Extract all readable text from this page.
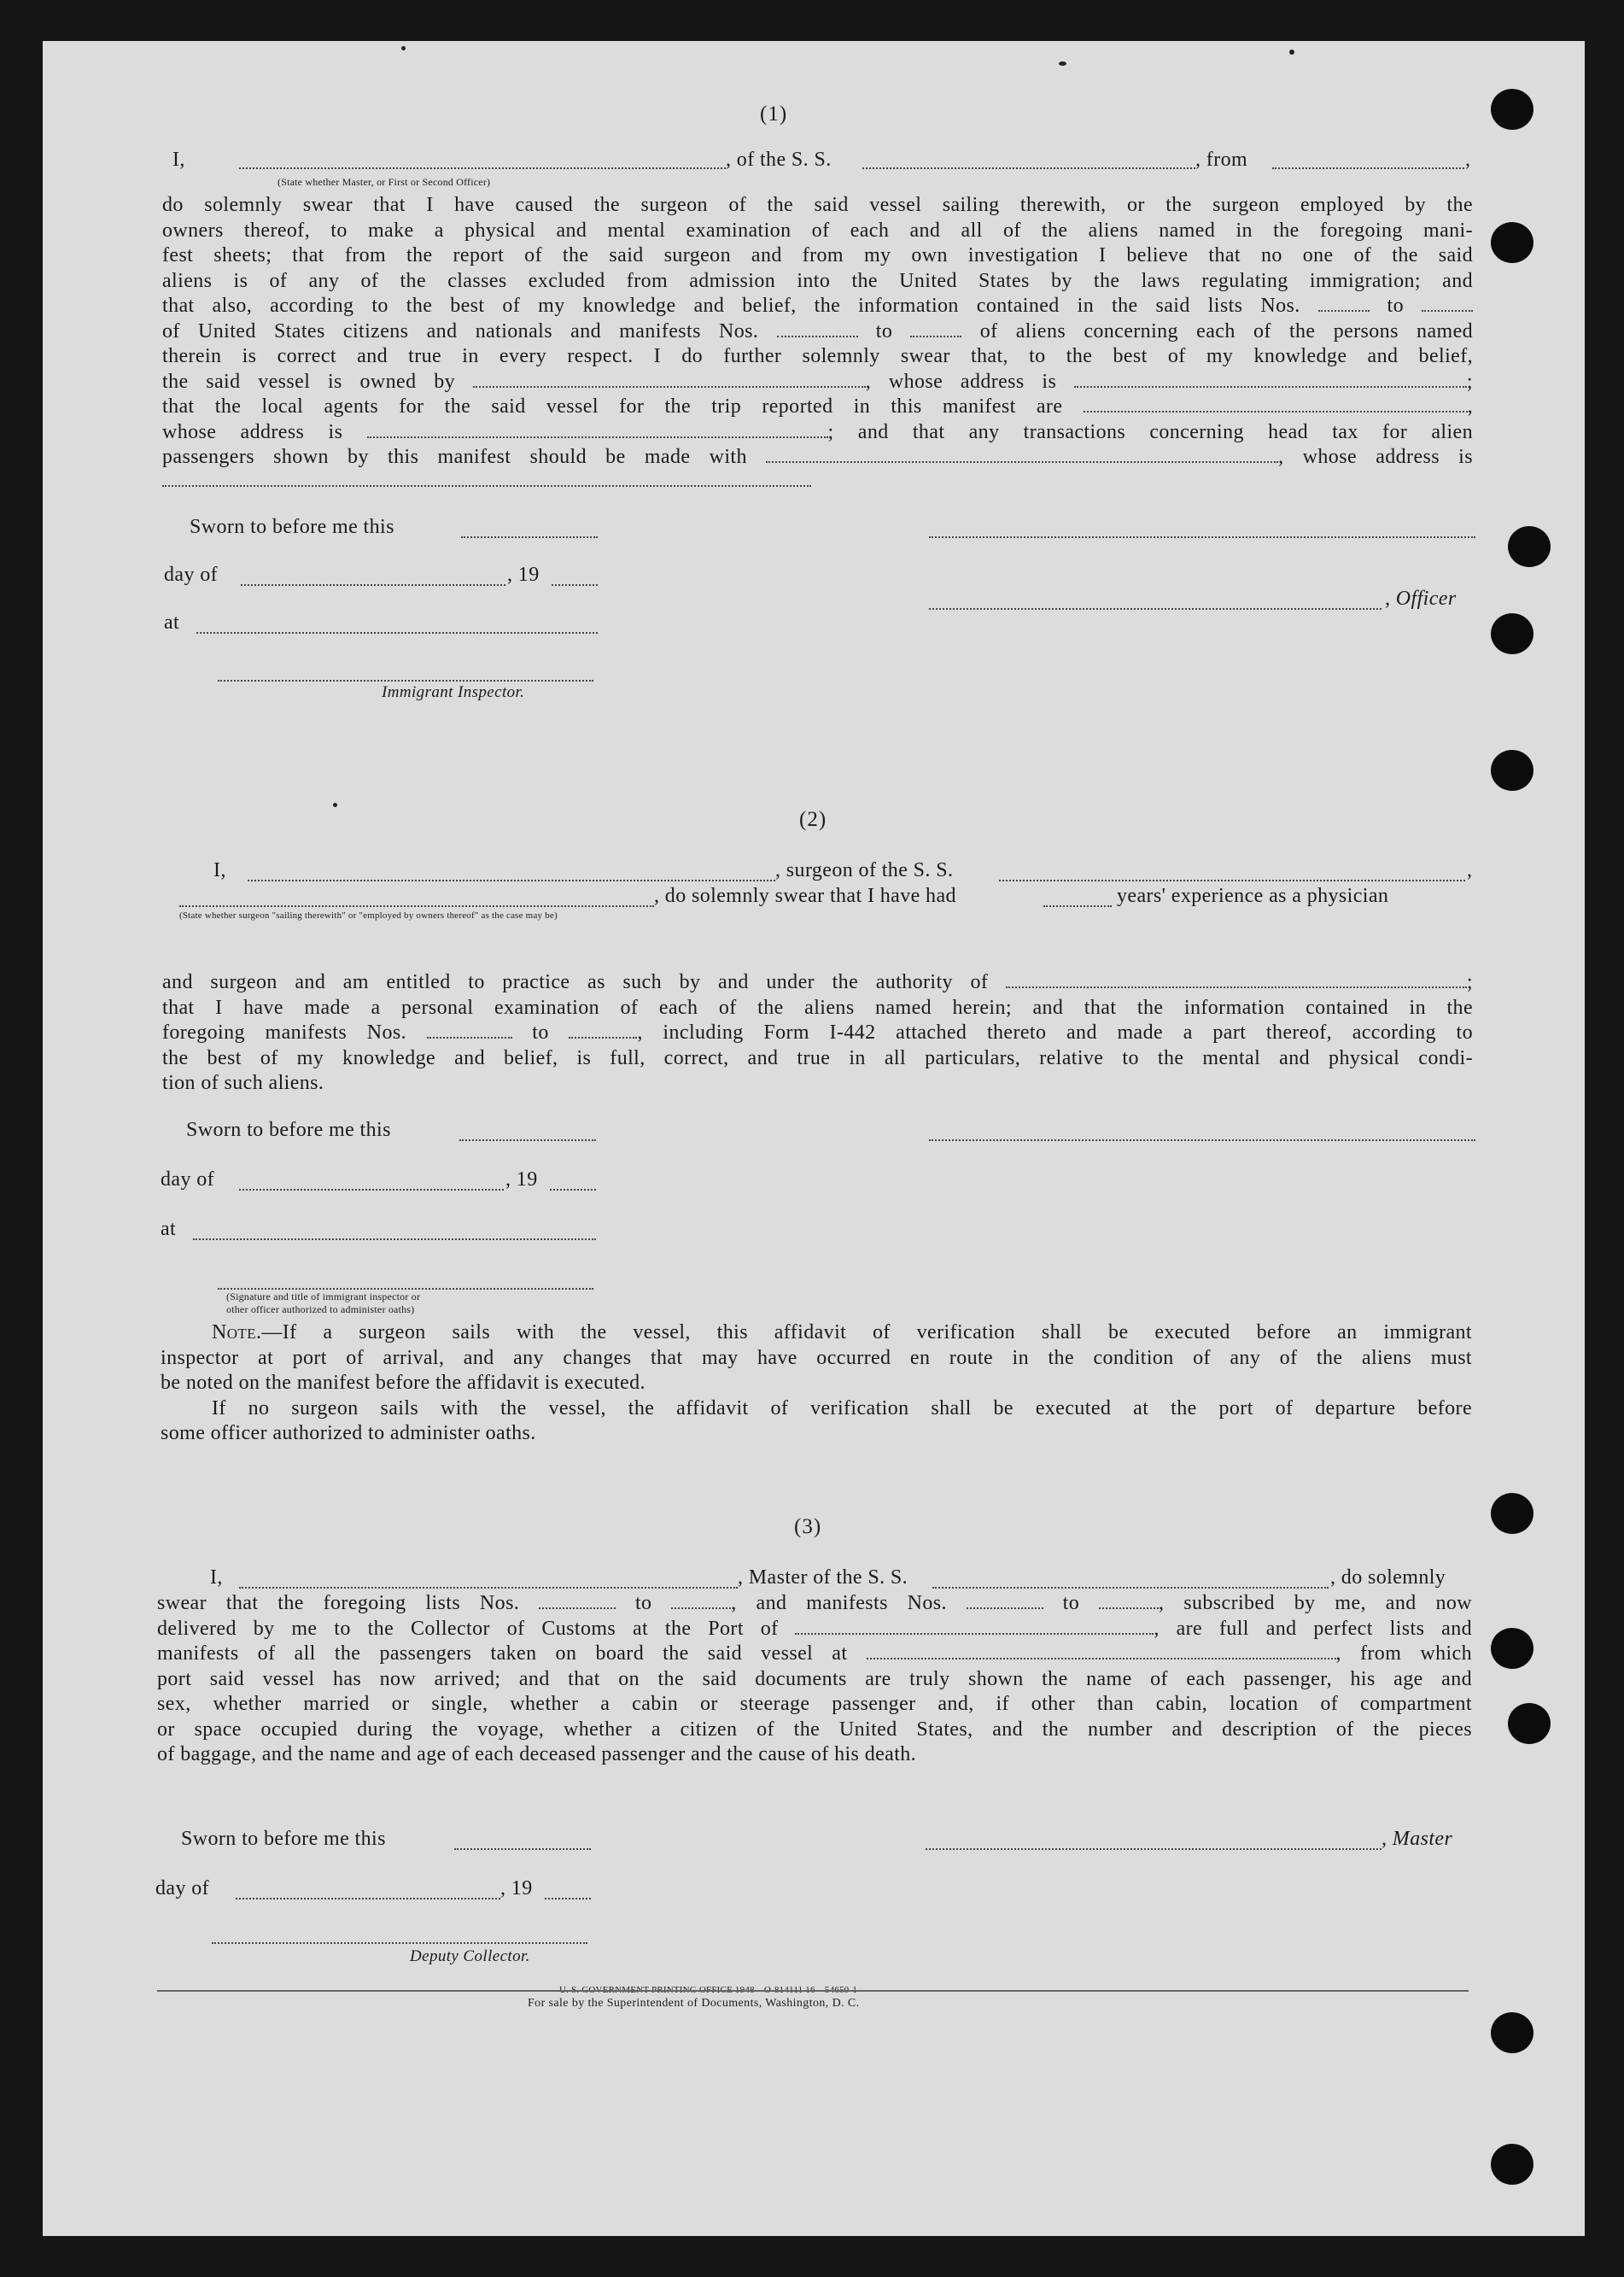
(1)
I,	, of the S. S.	, from	,
(State whether Master, or First or Second Officer)
do solemnly swear that I have caused the surgeon of the said vessel sailing therewith, or the surgeon employed by the
owners thereof, to make a physical and mental examination of each and all of the aliens named in the foregoing mani-
fest sheets; that from the report of the said surgeon and from my own investigation I believe that no one of the said
aliens is of any of the classes excluded from admission into the United States by the laws regulating immigration; and
that also, according to the best of my knowledge and belief, the information contained in the said lists Nos.	to
of United States citizens and nationals and manifests Nos.	to	of aliens concerning each of the persons named
therein is correct and true in every respect. I do further solemnly swear that, to the best of my knowledge and belief,
the said vessel is owned by	, whose address is	;
that the local agents for the said vessel for the trip reported in this manifest are	,
whose address is	; and that any transactions concerning head tax for alien
passengers shown by this manifest should be made with	, whose address is
Sworn to before me this
day of	, 19
, Officer
at
Immigrant Inspector.
(2)
I,	, surgeon of the S. S.	,
, do solemnly swear that I have had	years' experience as a physician
(State whether surgeon "sailing therewith" or "employed by owners thereof" as the case may be)
and surgeon and am entitled to practice as such by and under the authority of	;
that I have made a personal examination of each of the aliens named herein; and that the information contained in the
foregoing manifests Nos.	to	, including Form I-442 attached thereto and made a part thereof, according to
the best of my knowledge and belief, is full, correct, and true in all particulars, relative to the mental and physical condi-
tion of such aliens.
Sworn to before me this
day of	, 19
at
(Signature and title of immigrant inspector or
other officer authorized to administer oaths)
Note.—If a surgeon sails with the vessel, this affidavit of verification shall be executed before an immigrant
inspector at port of arrival, and any changes that may have occurred en route in the condition of any of the aliens must
be noted on the manifest before the affidavit is executed.
If no surgeon sails with the vessel, the affidavit of verification shall be executed at the port of departure before
some officer authorized to administer oaths.
(3)
I,	, Master of the S. S.	, do solemnly
swear that the foregoing lists Nos.	to	, and manifests Nos.	to	, subscribed by me, and now
delivered by me to the Collector of Customs at the Port of	, are full and perfect lists and
manifests of all the passengers taken on board the said vessel at	, from which
port said vessel has now arrived; and that on the said documents are truly shown the name of each passenger, his age and
sex, whether married or single, whether a cabin or steerage passenger and, if other than cabin, location of compartment
or space occupied during the voyage, whether a citizen of the United States, and the number and description of the pieces
of baggage, and the name and age of each deceased passenger and the cause of his death.
Sworn to before me this	, Master
day of	, 19
Deputy Collector.
U. S. GOVERNMENT PRINTING OFFICE 1948—O-814111 16—54650-1
For sale by the Superintendent of Documents, Washington, D. C.
